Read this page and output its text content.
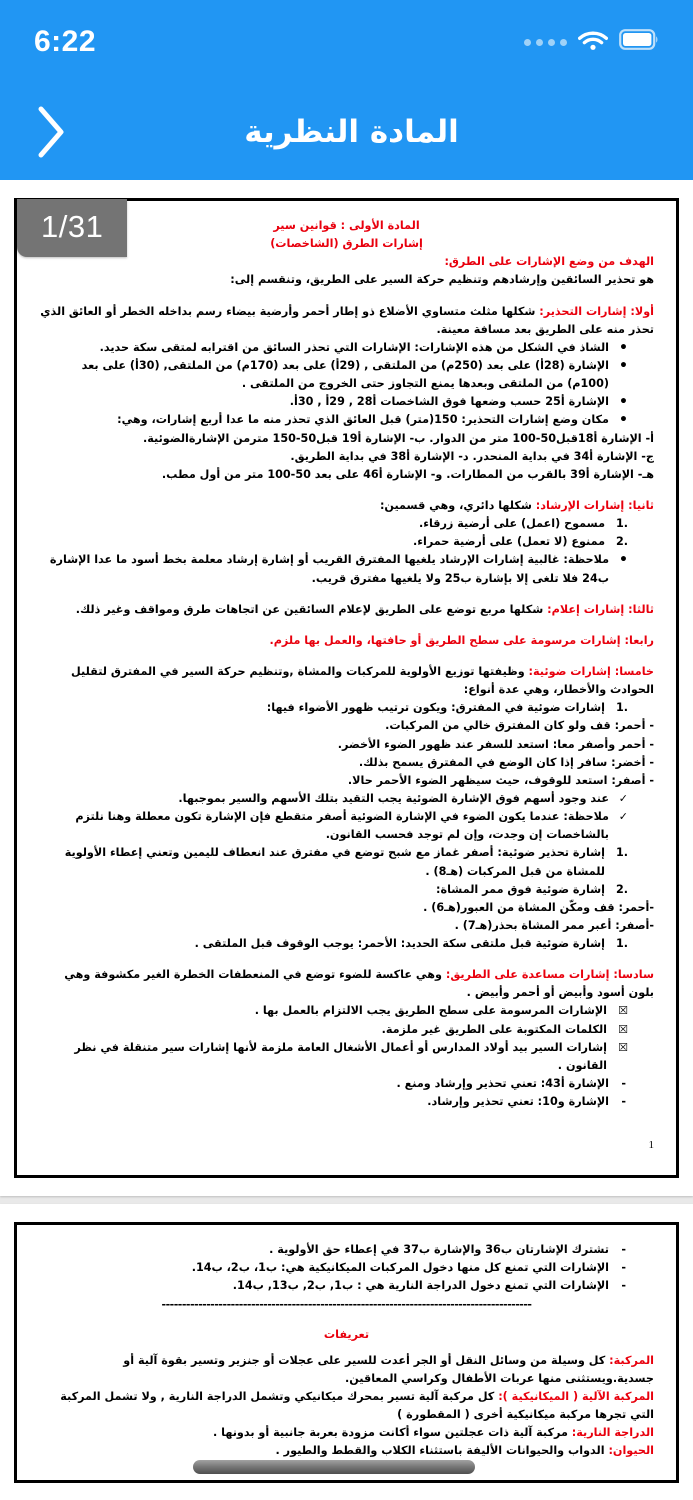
6:22
المادة النظرية
1/31	المادة الأولى : قوانين سير

إشارات الطرق (الشاخصات)

الهدف من وضع الإشارات على الطرق:

هو تحذير السائقين وإرشادهم وتنظيم حركة السير على الطريق، وتنقسم إلى:

أولا: إشارات التحذير: شكلها مثلث متساوي الأضلاع ذو إطار أحمر وأرضية بيضاء رسم بداخله الخطر أو العائق الذي تحذر منه على الطريق بعد مسافة معينة.

• الشاذ في الشكل من هذه الإشارات: الإشارات التي تحذر السائق من اقترابه لمتقى سكة حديد.
• الإشارة (28أ) على بعد (250م) من الملتقى , (29أ) على بعد (170م) من الملتقى, (30أ) على بعد (100م) من الملتقى وبعدها يمنع التجاوز حتى الخروج من الملتقى .
• الإشارة أ25 حسب وضعها فوق الشاخصات أ28 , 29أ , 30أ.
• مكان وضع إشارات التحذير: 150(متر) قبل العائق الذي تحذر منه ما عدا أربع إشارات، وهي:

أ- الإشارة أ18قبل50-100 متر من الدوار. ب- الإشارة أ19 قبل50-150 مترمن الإشارةالضوئية.

ج- الإشارة أ34 في بداية المنحدر. د- الإشارة أ38 في بداية الطريق.

هـ- الإشارة أ39 بالقرب من المطارات. و- الإشارة أ46 على بعد 50-100 متر من أول مطب.

ثانيا: إشارات الإرشاد: شكلها دائري، وهي قسمين:

مسموح (اعمل) على أرضية زرقاء.
ممنوع (لا تعمل) على أرضية حمراء.
• ملاحظة: غالبية إشارات الإرشاد يلغيها المفترق القريب أو إشارة إرشاد معلمة بخط أسود ما عدا الإشارة ب24 فلا تلغى إلا بإشارة ب25 ولا يلغيها مفترق قريب.

ثالثا: إشارات إعلام: شكلها مربع توضع على الطريق لإعلام السائقين عن اتجاهات طرق ومواقف وغير ذلك.

رابعا: إشارات مرسومة على سطح الطريق أو حافتها، والعمل بها ملزم.

خامسا: إشارات ضوئية: وظيفتها توزيع الأولوية للمركبات والمشاة ,وتنظيم حركة السير في المفترق لتقليل الحوادث والأخطار، وهي عدة أنواع:

إشارات ضوئية في المفترق: ويكون ترتيب ظهور الأضواء فيها:

- أحمر: قف ولو كان المفترق خالي من المركبات.

- أحمر وأصفر معا: استعد للسفر عند ظهور الضوء الأخضر.

- أخضر: سافر إذا كان الوضع في المفترق يسمح بذلك.

- أصفر: استعد للوقوف، حيث سيظهر الضوء الأحمر حالا.

✓ عند وجود أسهم فوق الإشارة الضوئية يجب التقيد بتلك الأسهم والسير بموجبها.
✓ ملاحظة: عندما يكون الضوء في الإشارة الضوئية أصفر متقطع فإن الإشارة تكون معطلة وهنا نلتزم بالشاخصات إن وجدت، وإن لم توجد فحسب القانون.
إشارة تحذير ضوئية: أصفر غماز مع شبح توضع في مفترق عند انعطاف لليمين وتعني إعطاء الأولوية للمشاة من قبل المركبات (هـ8) .
إشارة ضوئية فوق ممر المشاة:

-أحمر: قف ومكّن المشاة من العبور(هـ6) .

-أصفر: أعبر ممر المشاة بحذر(هـ7) .

إشارة ضوئية قبل ملتقى سكة الحديد: الأحمر: يوجب الوقوف قبل الملتقى .

سادسا: إشارات مساعدة على الطريق: وهي عاكسة للضوء توضع في المنعطفات الخطرة الغير مكشوفة وهي بلون أسود وأبيض أو أحمر وأبيض .

☒ الإشارات المرسومة على سطح الطريق يجب الالتزام بالعمل بها .
☒ الكلمات المكتوبة على الطريق غير ملزمة.
☒ إشارات السير بيد أولاد المدارس أو أعمال الأشغال العامة ملزمة لأنها إشارات سير متنقلة في نظر القانون .
- الإشارة أ43: تعني تحذير وإرشاد ومنع .
- الإشارة و10: تعني تحذير وإرشاد.
1
- تشترك الإشارتان ب36 والإشارة ب37 في إعطاء حق الأولوية .
- الإشارات التي تمنع كل منها دخول المركبات الميكانيكية هي: ب1، ب2، ب14.
- الإشارات التي تمنع دخول الدراجة النارية هي : ب1, ب2, ب13, ب14.

-------------------------------------------------------------------------------------------

تعريفات

المركبة: كل وسيلة من وسائل النقل أو الجر أعدت للسير على عجلات أو جنزير وتسير بقوة آلية أو جسدية.ويستثنى منها عربات الأطفال وكراسي المعاقين.

المركبة الآلية ( الميكانيكية ): كل مركبة آلية تسير بمحرك ميكانيكي وتشمل الدراجة النارية , ولا تشمل المركبة التي تجرها مركبة ميكانيكية أخرى ( المقطورة )

الدراجة النارية: مركبة آلية ذات عجلتين سواء أكانت مزودة بعربة جانبية أو بدونها .

الحيوان: الدواب والحيوانات الأليفة باستثناء الكلاب والقطط والطيور .
